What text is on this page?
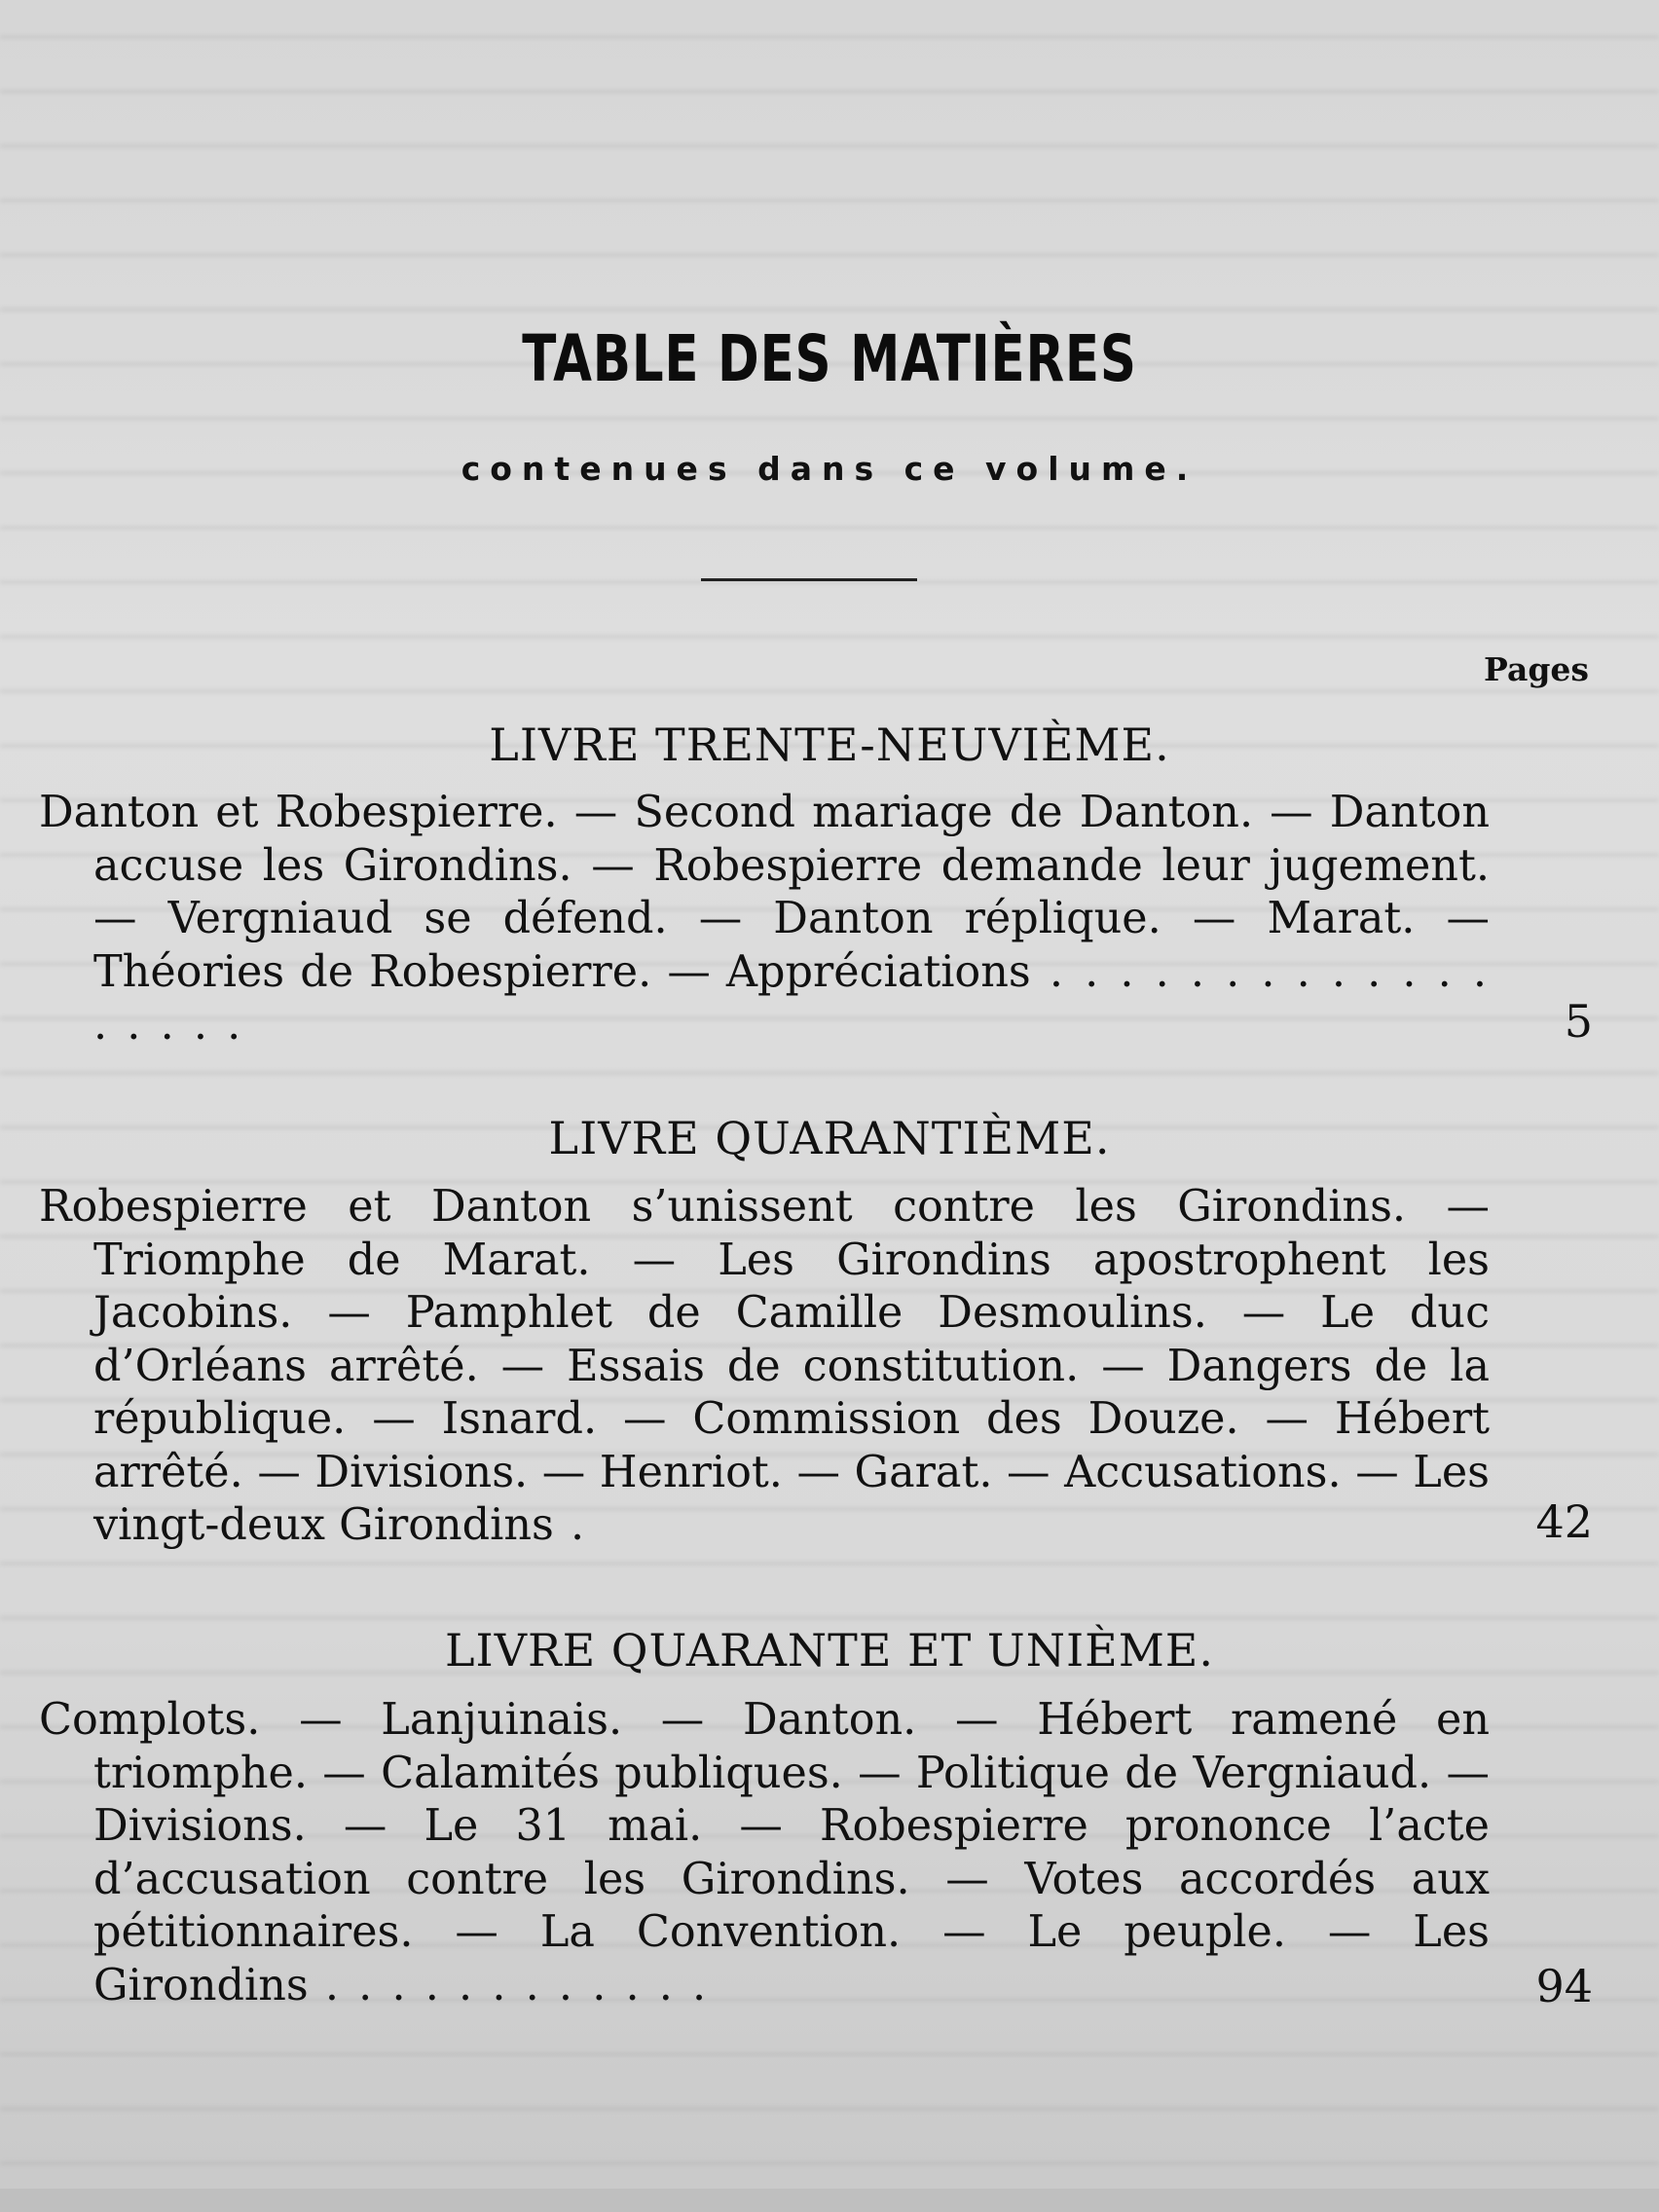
TABLE DES MATIÈRES
contenues dans ce volume.
Pages
LIVRE TRENTE-NEUVIÈME.
Danton et Robespierre. — Second mariage de Danton. — Danton accuse les Girondins. — Robespierre demande leur jugement. — Vergniaud se défend. — Danton réplique. — Marat. — Théories de Robespierre. — Appréciations . . . . . . . . . . . . . . . . . .	5
LIVRE QUARANTIÈME.
Robespierre et Danton s’unissent contre les Girondins. — Triomphe de Marat. — Les Girondins apostrophent les Jacobins. — Pamphlet de Camille Desmoulins. — Le duc d’Orléans arrêté. — Essais de constitution. — Dangers de la république. — Isnard. — Commission des Douze. — Hébert arrêté. — Divisions. — Henriot. — Garat. — Accusations. — Les vingt-deux Girondins .	42
LIVRE QUARANTE ET UNIÈME.
Complots. — Lanjuinais. — Danton. — Hébert ramené en triomphe. — Calamités publiques. — Politique de Vergniaud. — Divisions. — Le 31 mai. — Robespierre prononce l’acte d’accusation contre les Girondins. — Votes accordés aux pétitionnaires. — La Convention. — Le peuple. — Les Girondins . . . . . . . . . . . .	94
